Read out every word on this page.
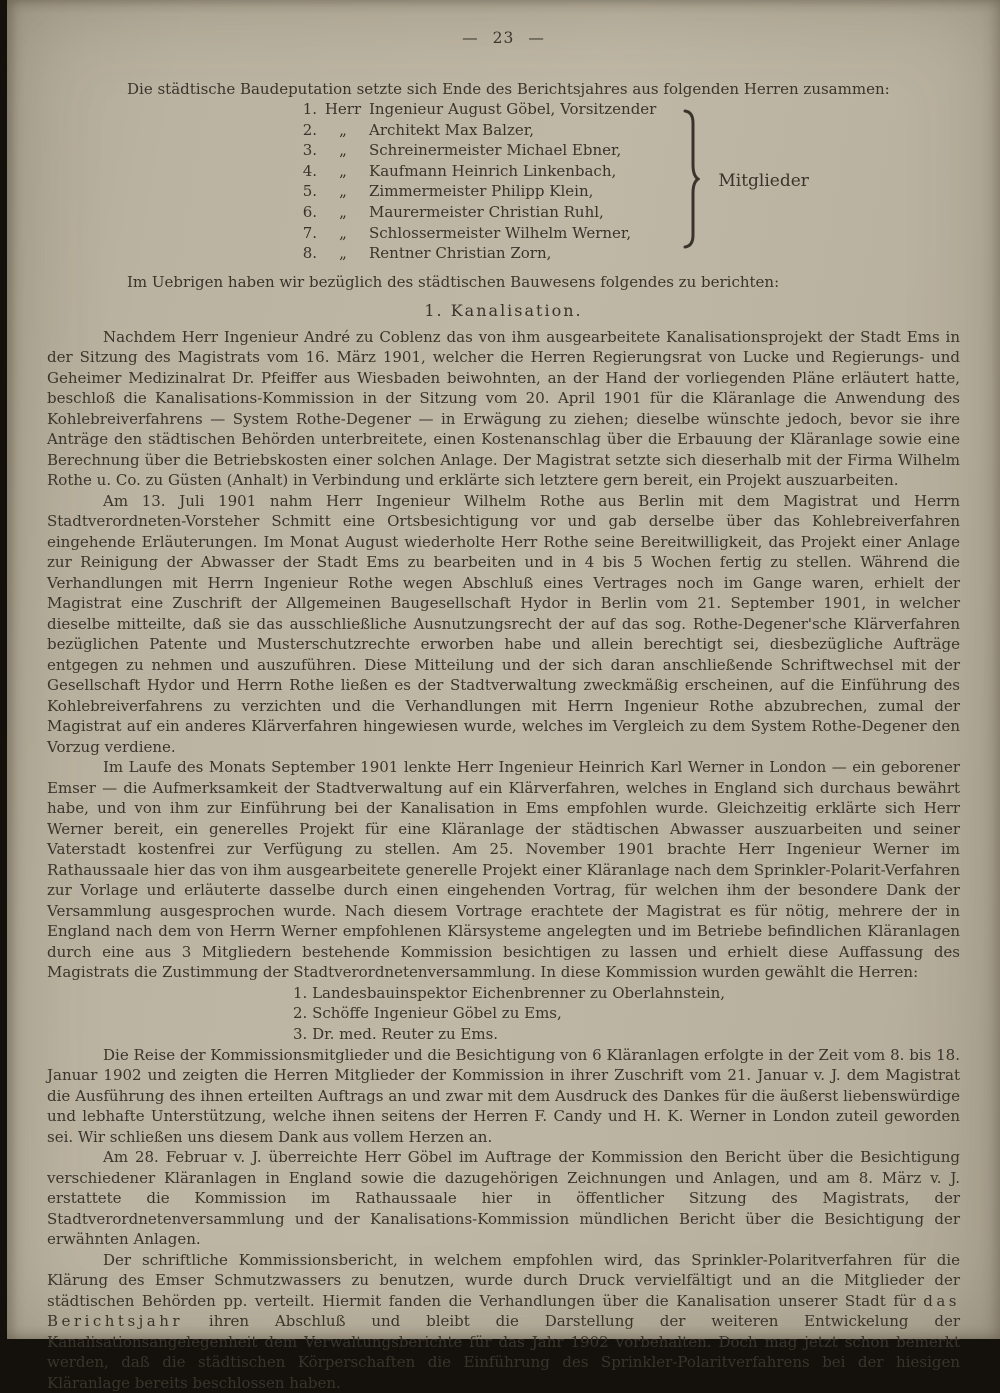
— 23 —

Die städtische Baudeputation setzte sich Ende des Berichtsjahres aus folgenden Herren zusammen:

1. Herr Ingenieur August Göbel, Vorsitzender
2.	„	Architekt Max Balzer,
3.	„	Schreinermeister Michael Ebner,
4.	„	Kaufmann Heinrich Linkenbach,
5.	„	Zimmermeister Philipp Klein,
6.	„	Maurermeister Christian Ruhl,
7.	„	Schlossermeister Wilhelm Werner,
8.	„	Rentner Christian Zorn,
Mitglieder

Im Uebrigen haben wir bezüglich des städtischen Bauwesens folgendes zu berichten:

1. Kanalisation.

Nachdem Herr Ingenieur André zu Coblenz das von ihm ausgearbeitete Kanalisationsprojekt der Stadt Ems in der Sitzung des Magistrats vom 16. März 1901, welcher die Herren Regierungsrat von Lucke und Regierungs- und Geheimer Medizinalrat Dr. Pfeiffer aus Wiesbaden beiwohnten, an der Hand der vorliegenden Pläne erläutert hatte, beschloß die Kanalisations-Kommission in der Sitzung vom 20. April 1901 für die Kläranlage die Anwendung des Kohlebreiverfahrens — System Rothe-Degener — in Erwägung zu ziehen; dieselbe wünschte jedoch, bevor sie ihre Anträge den städtischen Behörden unterbreitete, einen Kostenanschlag über die Erbauung der Kläranlage sowie eine Berechnung über die Betriebskosten einer solchen Anlage. Der Magistrat setzte sich dieserhalb mit der Firma Wilhelm Rothe u. Co. zu Güsten (Anhalt) in Verbindung und erklärte sich letztere gern bereit, ein Projekt auszuarbeiten.

Am 13. Juli 1901 nahm Herr Ingenieur Wilhelm Rothe aus Berlin mit dem Magistrat und Herrn Stadtverordneten-Vorsteher Schmitt eine Ortsbesichtigung vor und gab derselbe über das Kohlebreiverfahren eingehende Erläuterungen. Im Monat August wiederholte Herr Rothe seine Bereitwilligkeit, das Projekt einer Anlage zur Reinigung der Abwasser der Stadt Ems zu bearbeiten und in 4 bis 5 Wochen fertig zu stellen. Während die Verhandlungen mit Herrn Ingenieur Rothe wegen Abschluß eines Vertrages noch im Gange waren, erhielt der Magistrat eine Zuschrift der Allgemeinen Baugesellschaft Hydor in Berlin vom 21. September 1901, in welcher dieselbe mitteilte, daß sie das ausschließliche Ausnutzungsrecht der auf das sog. Rothe-Degener'sche Klärverfahren bezüglichen Patente und Musterschutzrechte erworben habe und allein berechtigt sei, diesbezügliche Aufträge entgegen zu nehmen und auszuführen. Diese Mitteilung und der sich daran anschließende Schriftwechsel mit der Gesellschaft Hydor und Herrn Rothe ließen es der Stadtverwaltung zweckmäßig erscheinen, auf die Einführung des Kohlebreiverfahrens zu verzichten und die Verhandlungen mit Herrn Ingenieur Rothe abzubrechen, zumal der Magistrat auf ein anderes Klärverfahren hingewiesen wurde, welches im Vergleich zu dem System Rothe-Degener den Vorzug verdiene.

Im Laufe des Monats September 1901 lenkte Herr Ingenieur Heinrich Karl Werner in London — ein geborener Emser — die Aufmerksamkeit der Stadtverwaltung auf ein Klärverfahren, welches in England sich durchaus bewährt habe, und von ihm zur Einführung bei der Kanalisation in Ems empfohlen wurde. Gleichzeitig erklärte sich Herr Werner bereit, ein generelles Projekt für eine Kläranlage der städtischen Abwasser auszuarbeiten und seiner Vaterstadt kostenfrei zur Verfügung zu stellen. Am 25. November 1901 brachte Herr Ingenieur Werner im Rathaussaale hier das von ihm ausgearbeitete generelle Projekt einer Kläranlage nach dem Sprinkler-Polarit-Verfahren zur Vorlage und erläuterte dasselbe durch einen eingehenden Vortrag, für welchen ihm der besondere Dank der Versammlung ausgesprochen wurde. Nach diesem Vortrage erachtete der Magistrat es für nötig, mehrere der in England nach dem von Herrn Werner empfohlenen Klärsysteme angelegten und im Betriebe befindlichen Kläranlagen durch eine aus 3 Mitgliedern bestehende Kommission besichtigen zu lassen und erhielt diese Auffassung des Magistrats die Zustimmung der Stadtverordnetenversammlung. In diese Kommission wurden gewählt die Herren:

1. Landesbauinspektor Eichenbrenner zu Oberlahnstein,
2. Schöffe Ingenieur Göbel zu Ems,
3. Dr. med. Reuter zu Ems.

Die Reise der Kommissionsmitglieder und die Besichtigung von 6 Kläranlagen erfolgte in der Zeit vom 8. bis 18. Januar 1902 und zeigten die Herren Mitglieder der Kommission in ihrer Zuschrift vom 21. Januar v. J. dem Magistrat die Ausführung des ihnen erteilten Auftrags an und zwar mit dem Ausdruck des Dankes für die äußerst liebenswürdige und lebhafte Unterstützung, welche ihnen seitens der Herren F. Candy und H. K. Werner in London zuteil geworden sei. Wir schließen uns diesem Dank aus vollem Herzen an.

Am 28. Februar v. J. überreichte Herr Göbel im Auftrage der Kommission den Bericht über die Besichtigung verschiedener Kläranlagen in England sowie die dazugehörigen Zeichnungen und Anlagen, und am 8. März v. J. erstattete die Kommission im Rathaussaale hier in öffentlicher Sitzung des Magistrats, der Stadtverordnetenversammlung und der Kanalisations-Kommission mündlichen Bericht über die Besichtigung der erwähnten Anlagen.

Der schriftliche Kommissionsbericht, in welchem empfohlen wird, das Sprinkler-Polaritverfahren für die Klärung des Emser Schmutzwassers zu benutzen, wurde durch Druck vervielfältigt und an die Mitglieder der städtischen Behörden pp. verteilt. Hiermit fanden die Verhandlungen über die Kanalisation unserer Stadt für das Berichtsjahr ihren Abschluß und bleibt die Darstellung der weiteren Entwickelung der Kanalisationsangelegenheit dem Verwaltungsberichte für das Jahr 1902 vorbehalten. Doch mag jetzt schon bemerkt werden, daß die städtischen Körperschaften die Einführung des Sprinkler-Polaritverfahrens bei der hiesigen Kläranlage bereits beschlossen haben.
